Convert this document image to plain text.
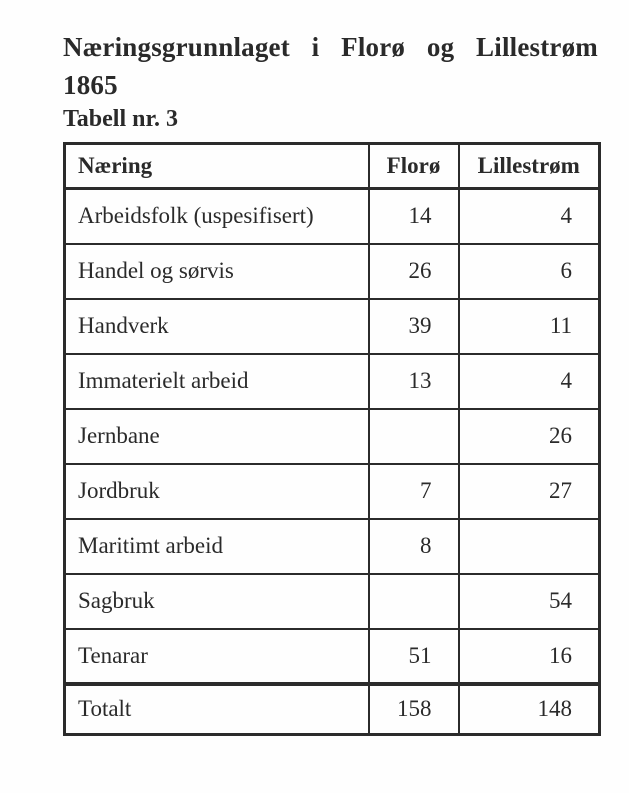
Næringsgrunnlaget i Florø og Lillestrøm
1865
Tabell nr. 3
Næring	Florø	Lillestrøm
Arbeidsfolk (uspesifisert)	14	4
Handel og sørvis	26	6
Handverk	39	11
Immaterielt arbeid	13	4
Jernbane		26
Jordbruk	7	27
Maritimt arbeid	8	
Sagbruk		54
Tenarar	51	16
Totalt	158	148
